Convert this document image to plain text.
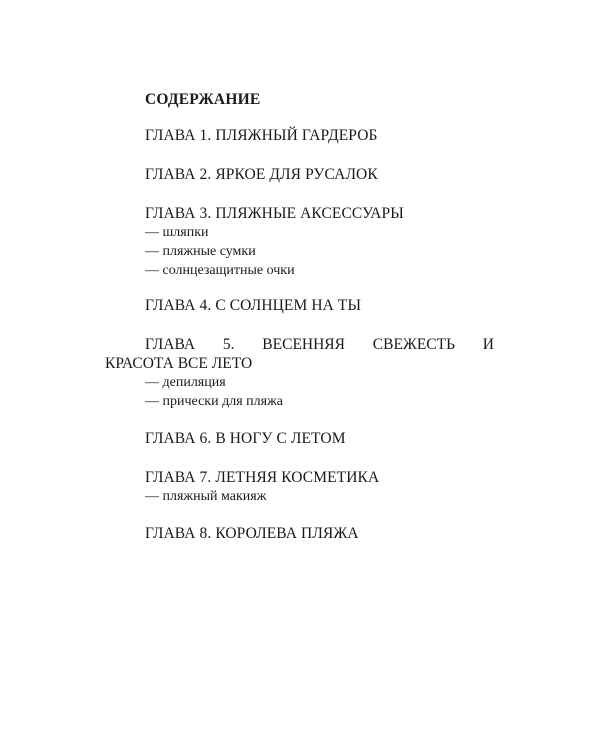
СОДЕРЖАНИЕ
ГЛАВА 1. ПЛЯЖНЫЙ ГАРДЕРОБ
ГЛАВА 2. ЯРКОЕ ДЛЯ РУСАЛОК
ГЛАВА 3. ПЛЯЖНЫЕ АКСЕССУАРЫ
— шляпки
— пляжные сумки
— солнцезащитные очки
ГЛАВА 4. С СОЛНЦЕМ НА ТЫ
ГЛАВА 5. ВЕСЕННЯЯ СВЕЖЕСТЬ И
КРАСОТА ВСЕ ЛЕТО
— депиляция
— прически для пляжа
ГЛАВА 6. В НОГУ С ЛЕТОМ
ГЛАВА 7. ЛЕТНЯЯ КОСМЕТИКА
— пляжный макияж
ГЛАВА 8. КОРОЛЕВА ПЛЯЖА
